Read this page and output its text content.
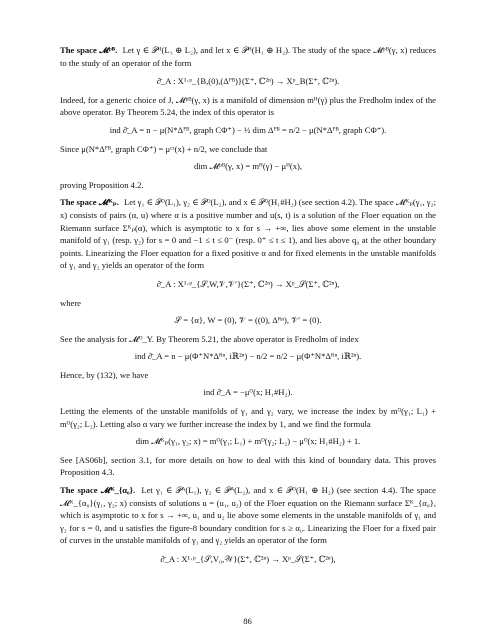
The space 𝓜ᵖᴮ. Let γ ∈ 𝒫ᴴ(L₁ ⊕ L₂), and let x ∈ 𝒫ᴴ(H₁ ⊕ H₂). The study of the space 𝓜ᵖᴮ(γ, x) reduces to the study of an operator of the form

∂̄_A : X¹·ᵖ_{B,(0),(Δᴾᴮ)}(Σ⁺, ℂ²ⁿ) → Xᵖ_B(Σ⁺, ℂ²ⁿ).

Indeed, for a generic choice of J, 𝓜ᵖᴮ(γ, x) is a manifold of dimension mᴴ(γ) plus the Fredholm index of the above operator. By Theorem 5.24, the index of this operator is

ind ∂̄_A = n − μ(N*Δᴾᴮ, graph CΦ⁺) − ½ dim Δᴾᴮ = n/2 − μ(N*Δᴾᴮ, graph CΦ⁺).

Since μ(N*Δᴾᴮ, graph CΦ⁺) = μᶜᶻ(x) + n/2, we conclude that

dim 𝓜ᵖᴮ(γ, x) = mᴴ(γ) − μᴴ(x),

proving Proposition 4.2.

The space 𝓜ᴷₚ. Let γ₁ ∈ 𝒫ᴼ(L₁), γ₂ ∈ 𝒫ᴼ(L₂), and x ∈ 𝒫ᴼ(H₁#H₂) (see section 4.2). The space 𝓜ᴷₚ(γ₁, γ₂; x) consists of pairs (α, u) where α is a positive number and u(s, t) is a solution of the Floer equation on the Riemann surface Σᴷₚ(α), which is asymptotic to x for s → +∞, lies above some element in the unstable manifold of γ₁ (resp. γ₂) for s = 0 and −1 ≤ t ≤ 0⁻ (resp. 0⁺ ≤ t ≤ 1), and lies above q₀ at the other boundary points. Linearizing the Floer equation for a fixed positive α and for fixed elements in the unstable manifolds of γ₁ and γ₂ yields an operator of the form

∂̄_A : X¹·ᵖ_{𝒮,W,𝒱,𝒱′}(Σ⁺, ℂ²ⁿ) → Xᵖ_𝒮(Σ⁺, ℂ²ⁿ),

where

𝒮 = {α}, W = (0), 𝒱 = ((0), Δᴿⁿ), 𝒱′ = (0).

See the analysis for 𝓜ᴼ_Υ. By Theorem 5.21, the above operator is Fredholm of index

ind ∂̄_A = n − μ(Φ⁺N*Δᴿⁿ, iℝ²ⁿ) − n/2 = n/2 − μ(Φ⁺N*Δᴿⁿ, iℝ²ⁿ).

Hence, by (132), we have

ind ∂̄_A = −μᴼ(x; H₁#H₂).

Letting the elements of the unstable manifolds of γ₁ and γ₂ vary, we increase the index by mᴼ(γ₁; L₁) + mᴼ(γ₂; L₂). Letting also α vary we further increase the index by 1, and we find the formula

dim 𝓜ᴷₚ(γ₁, γ₂; x) = mᴼ(γ₁; L₁) + mᴼ(γ₂; L₂) − μᴼ(x; H₁#H₂) + 1.

See [AS06b], section 3.1, for more details on how to deal with this kind of boundary data. This proves Proposition 4.3.

The space 𝓜ᴷ_{α₀}. Let γ₁ ∈ 𝒫ᴬ(L₁), γ₂ ∈ 𝒫ᴬ(L₂), and x ∈ 𝒫ᴼ(H₁ ⊕ H₂) (see section 4.4). The space 𝓜ᴷ_{α₀}(γ₁, γ₂; x) consists of solutions u = (u₁, u₂) of the Floer equation on the Riemann surface Σᴷ_{α₀}, which is asymptotic to x for s → +∞, u₁ and u₂ lie above some elements in the unstable manifolds of γ₁ and γ₂ for s = 0, and u satisfies the figure-8 boundary condition for s ≥ α₀. Linearizing the Floer for a fixed pair of curves in the unstable manifolds of γ₁ and γ₂ yields an operator of the form

∂̄_A : X¹·ᵖ_{𝒮,V₀,𝒲}(Σ⁺, ℂ²ⁿ) → Xᵖ_𝒮(Σ⁺, ℂ²ⁿ),
86
